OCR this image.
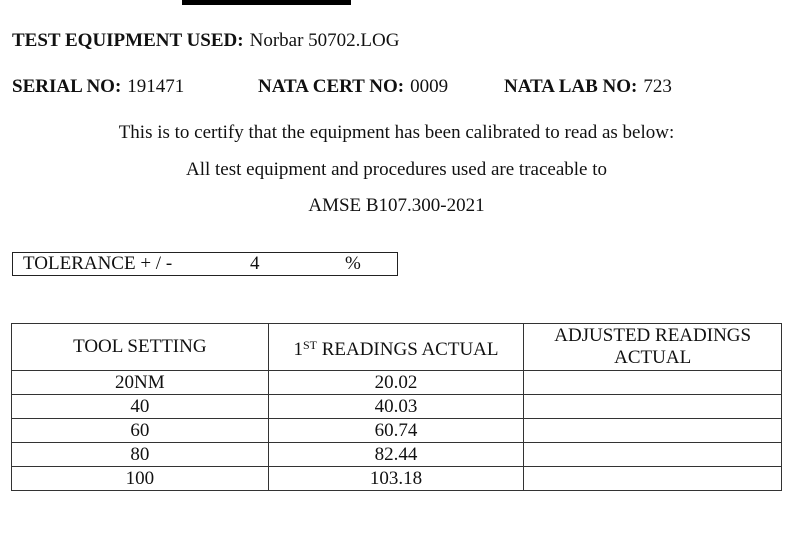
TEST EQUIPMENT USED: Norbar 50702.LOG
SERIAL NO: 191471	NATA CERT NO: 0009	NATA LAB NO: 723
This is to certify that the equipment has been calibrated to read as below:
All test equipment and procedures used are traceable to
AMSE B107.300-2021
TOLERANCE + / -	4	%
TOOL SETTING	1ST READINGS ACTUAL	ADJUSTED READINGS
ACTUAL
20NM	20.02	
40	40.03	
60	60.74	
80	82.44	
100	103.18	
